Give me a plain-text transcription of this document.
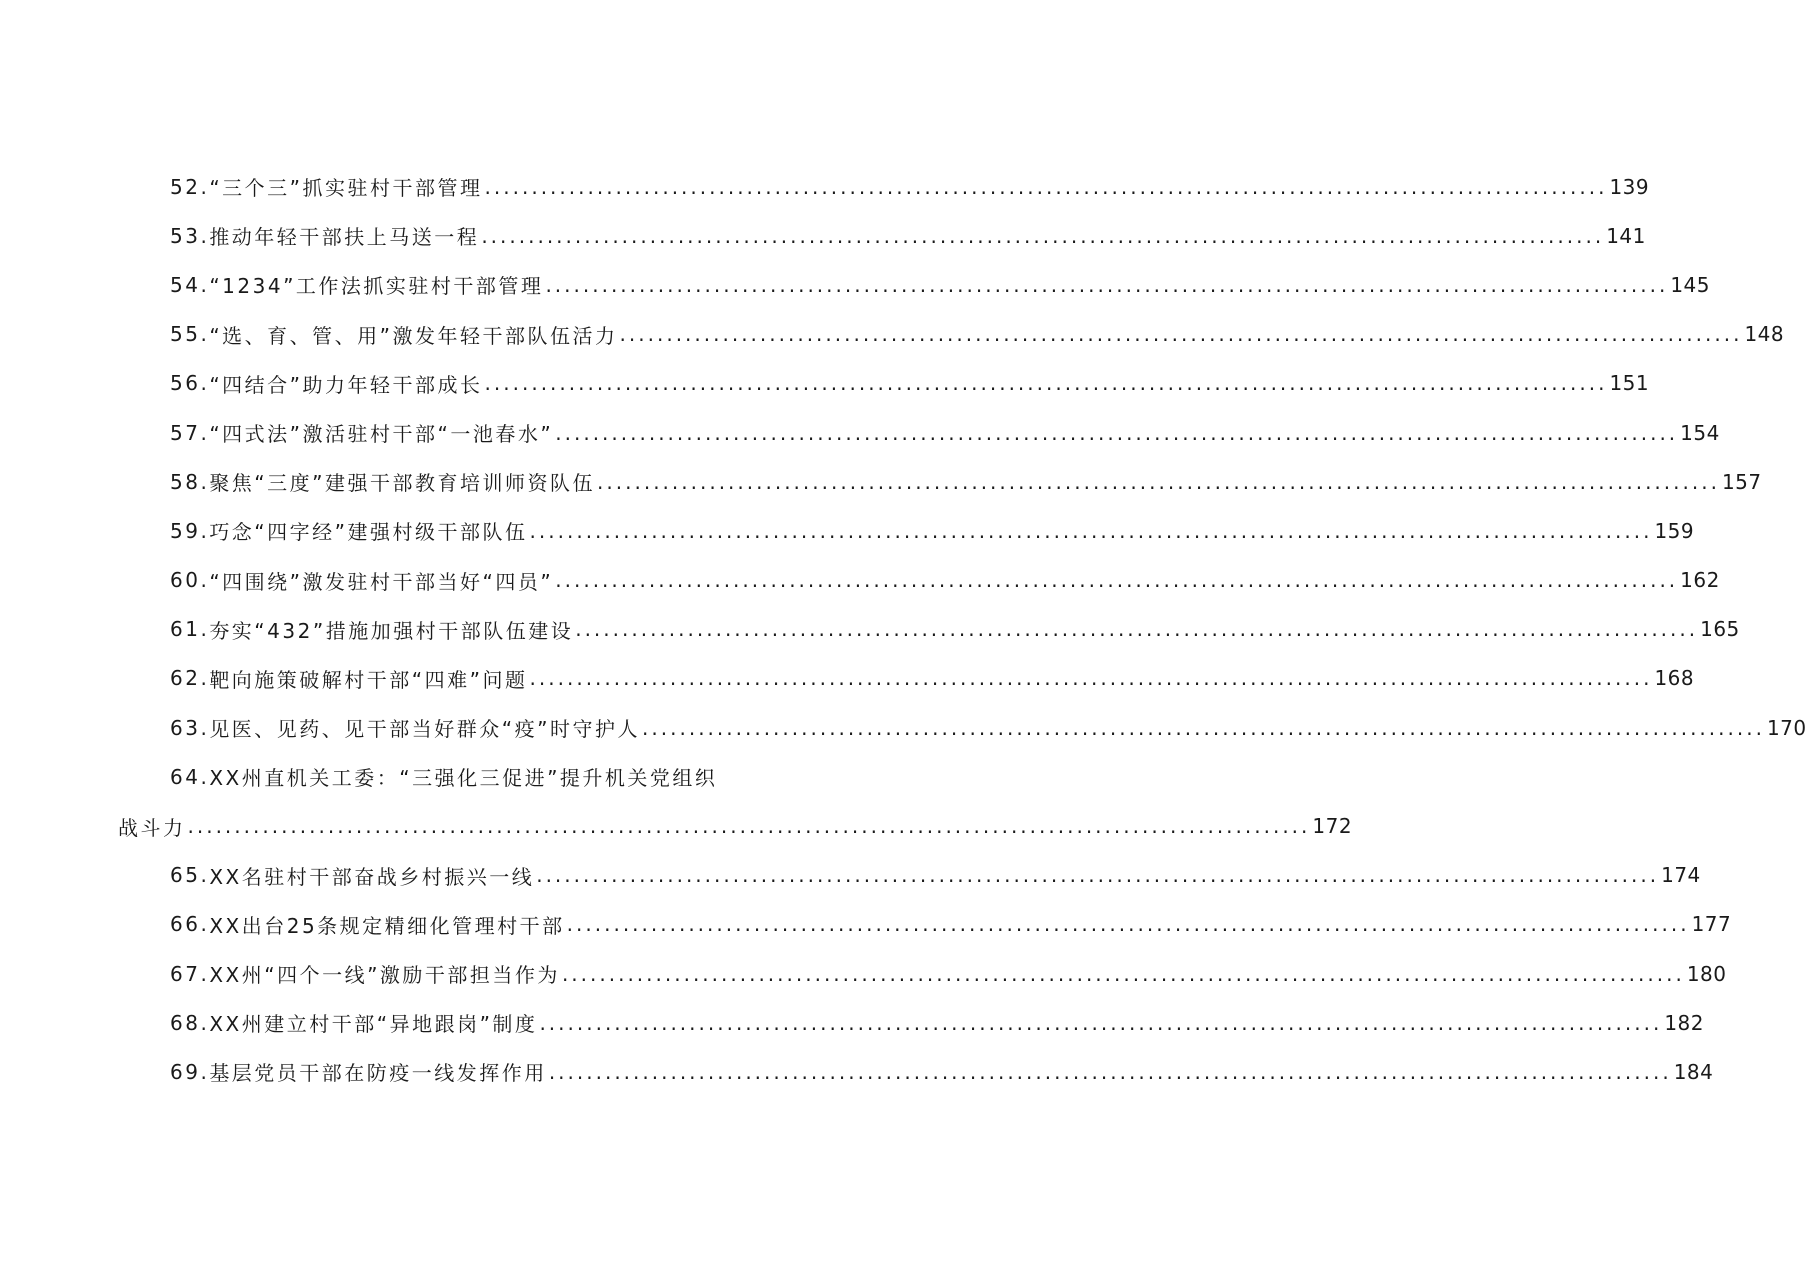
52. “三个三”抓实驻村干部管理 ........................................................................................................................ 139
53. 推动年轻干部扶上马送一程 ........................................................................................................................ 141
54. “1234”工作法抓实驻村干部管理 ........................................................................................................................ 145
55. “选、育、管、用”激发年轻干部队伍活力 ........................................................................................................................ 148
56. “四结合”助力年轻干部成长 ........................................................................................................................ 151
57. “四式法”激活驻村干部“一池春水” ........................................................................................................................ 154
58. 聚焦“三度”建强干部教育培训师资队伍 ........................................................................................................................ 157
59. 巧念“四字经”建强村级干部队伍 ........................................................................................................................ 159
60. “四围绕”激发驻村干部当好“四员” ........................................................................................................................ 162
61. 夯实“432”措施加强村干部队伍建设 ........................................................................................................................ 165
62. 靶向施策破解村干部“四难”问题 ........................................................................................................................ 168
63. 见医、见药、见干部当好群众“疫”时守护人 ........................................................................................................................ 170
64. XX州直机关工委：“三强化三促进”提升机关党组织
战斗力 ........................................................................................................................ 172
65. XX名驻村干部奋战乡村振兴一线 ........................................................................................................................ 174
66. XX出台25条规定精细化管理村干部 ........................................................................................................................ 177
67. XX州“四个一线”激励干部担当作为 ........................................................................................................................ 180
68. XX州建立村干部“异地跟岗”制度 ........................................................................................................................ 182
69. 基层党员干部在防疫一线发挥作用 ........................................................................................................................ 184
